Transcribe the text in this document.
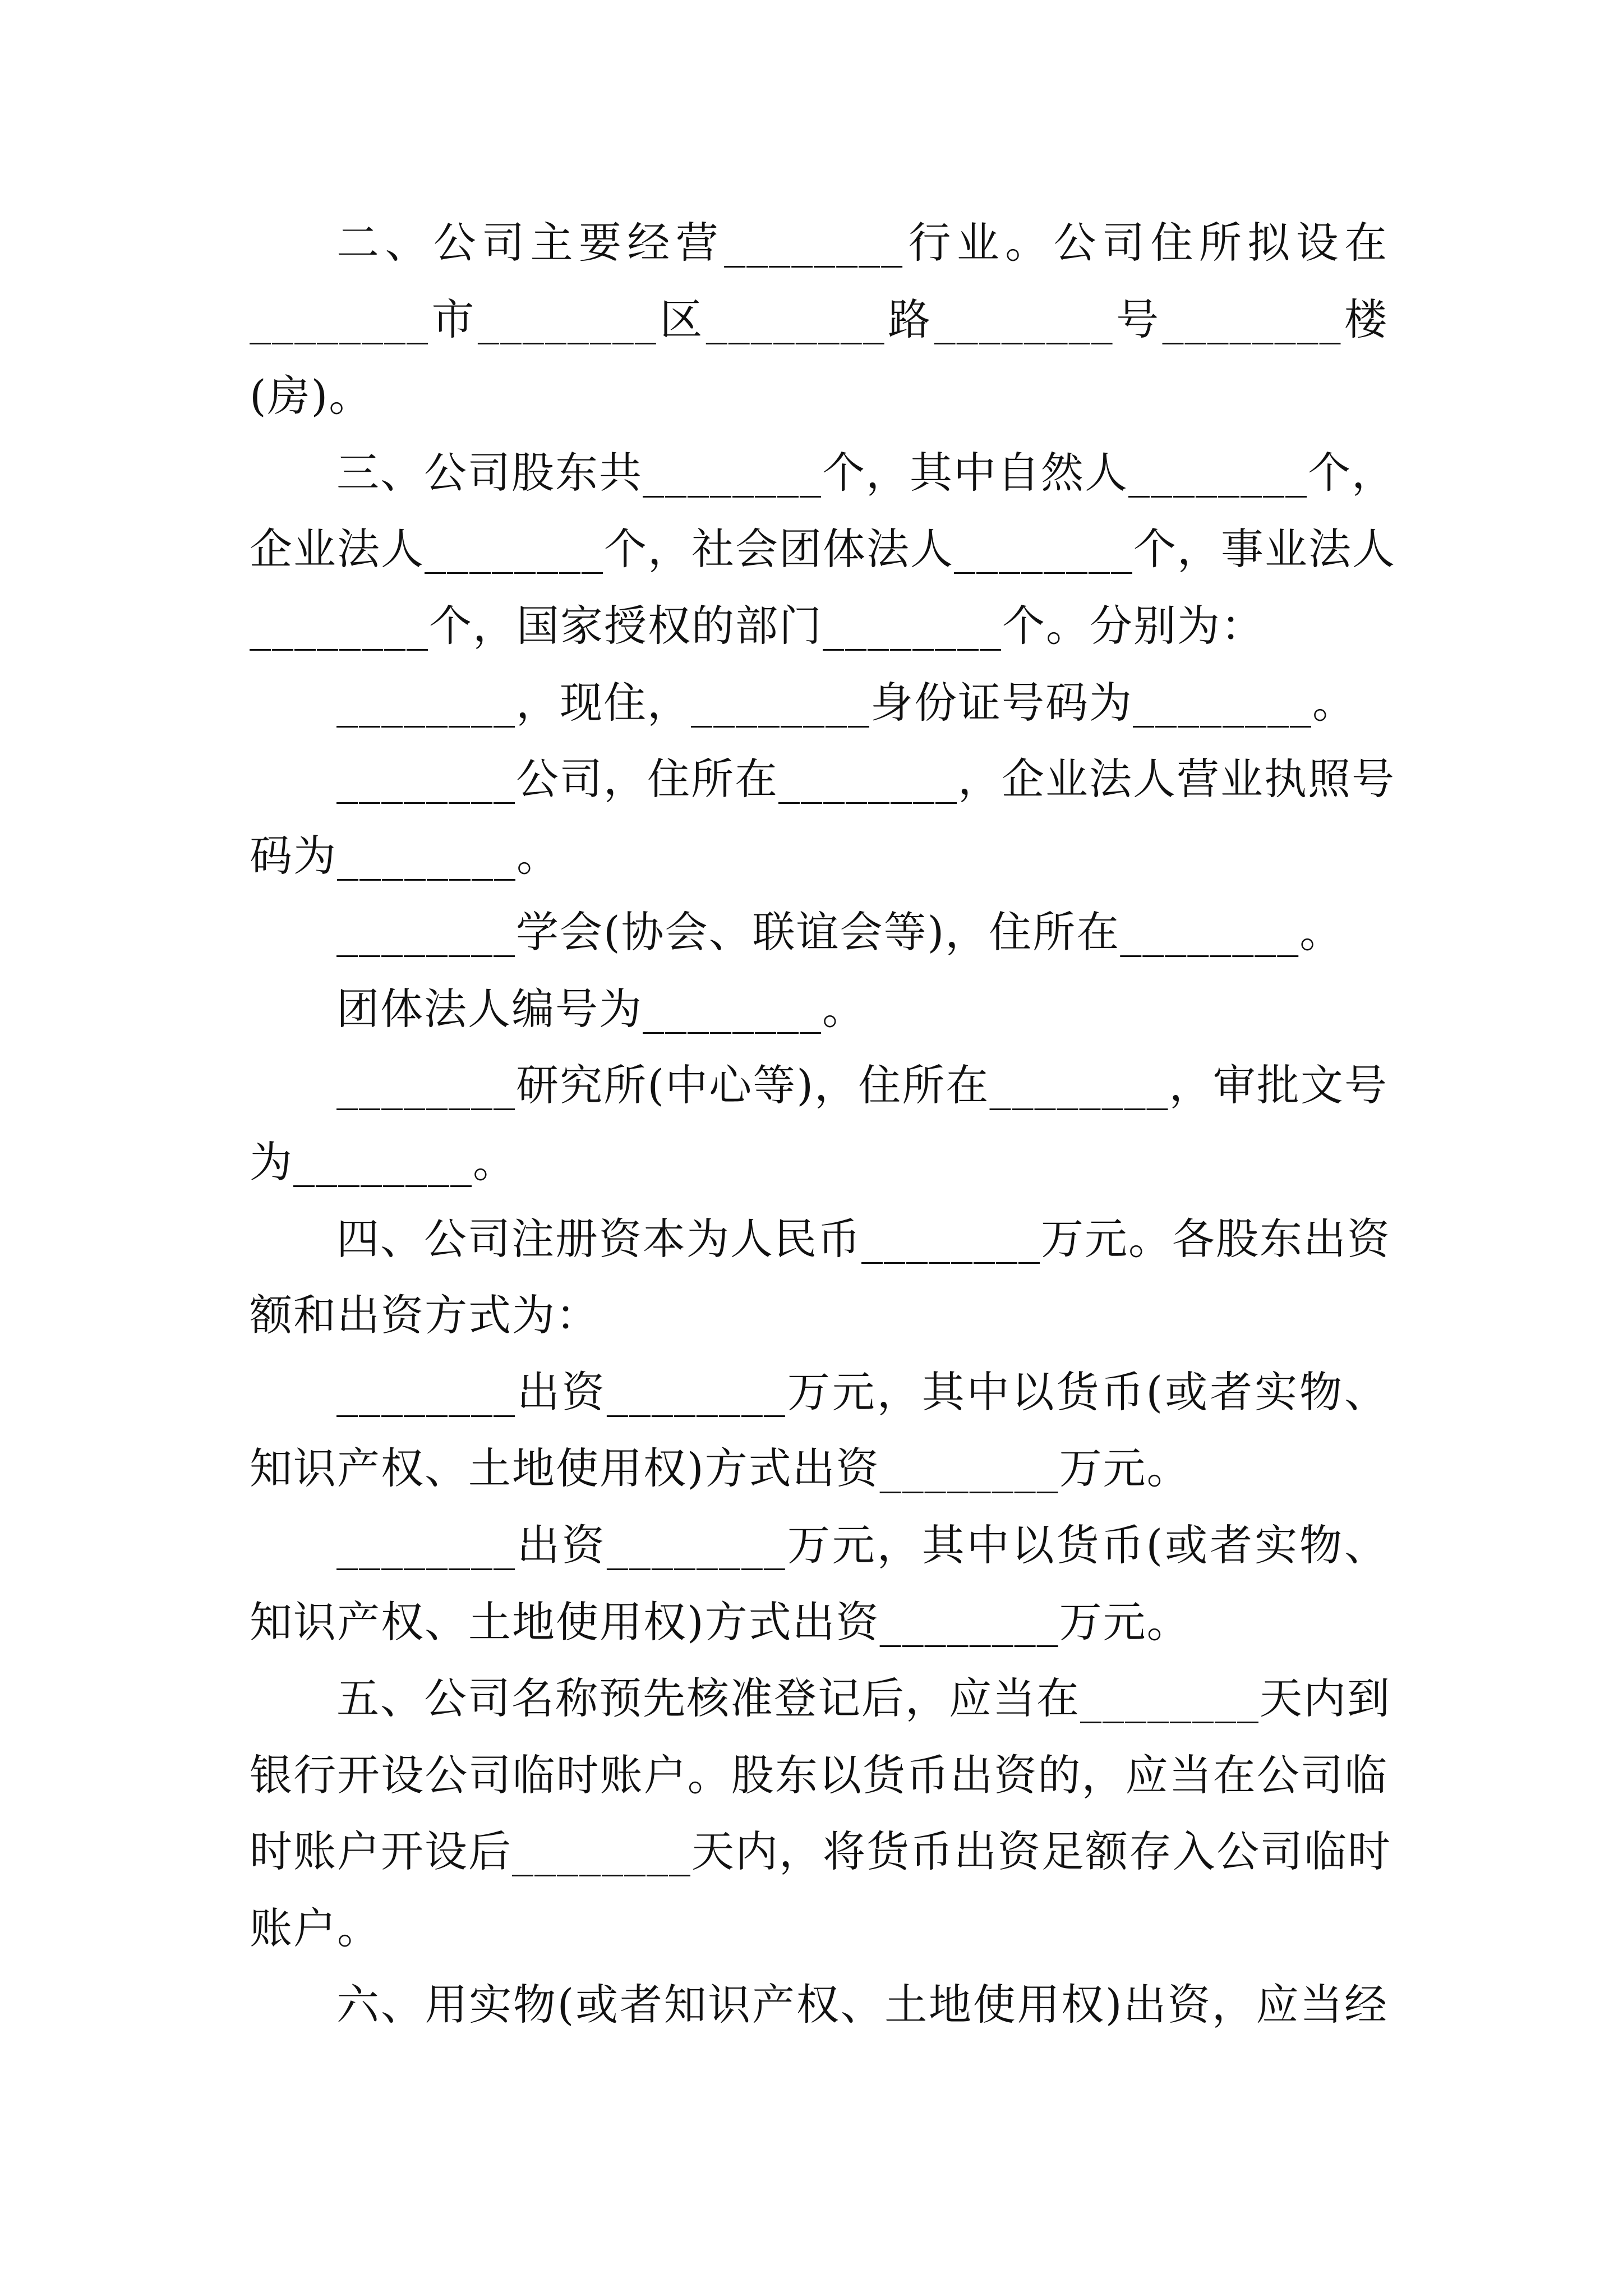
二、公司主要经营________行业。公司住所拟设在
________市________区________路________号________楼
(房)。
三、公司股东共________个，其中自然人________个，
企业法人________个，社会团体法人________个，事业法人
________个，国家授权的部门________个。分别为：
________，现住，________身份证号码为________。
________公司，住所在________，企业法人营业执照号
码为________。
________学会(协会、联谊会等)，住所在________。
团体法人编号为________。
________研究所(中心等)，住所在________，审批文号
为________。
四、公司注册资本为人民币________万元。各股东出资
额和出资方式为：
________出资________万元，其中以货币(或者实物、
知识产权、土地使用权)方式出资________万元。
________出资________万元，其中以货币(或者实物、
知识产权、土地使用权)方式出资________万元。
五、公司名称预先核准登记后，应当在________天内到
银行开设公司临时账户。股东以货币出资的，应当在公司临
时账户开设后________天内，将货币出资足额存入公司临时
账户。
六、用实物(或者知识产权、土地使用权)出资，应当经
